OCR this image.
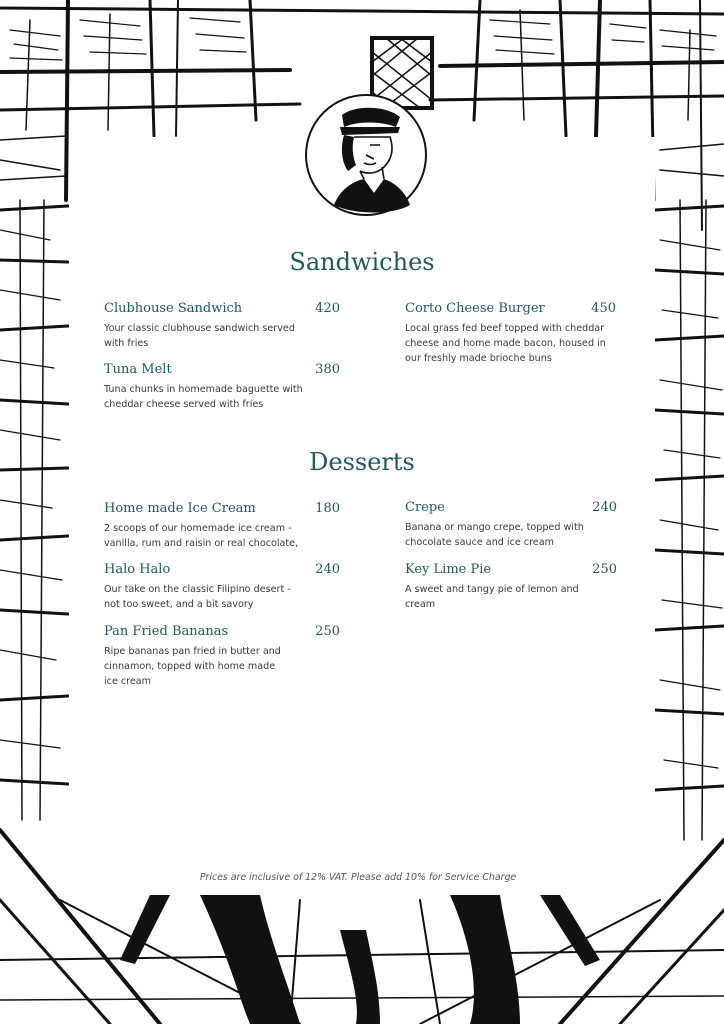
Sandwiches
Clubhouse Sandwich	420
Your classic clubhouse sandwich served with fries
Corto Cheese Burger	450
Local grass fed beef topped with cheddar cheese and home made bacon, housed in our freshly made brioche buns
Tuna Melt	380
Tuna chunks in homemade baguette with cheddar cheese served with fries
Desserts
Home made Ice Cream	180
2 scoops of our homemade ice cream - vanilla, rum and raisin or real chocolate,
Crepe	240
Banana or mango crepe, topped with chocolate sauce and ice cream
Halo Halo	240
Our take on the classic Filipino desert - not too sweet, and a bit savory
Key Lime Pie	250
A sweet and tangy pie of lemon and cream
Pan Fried Bananas	250
Ripe bananas pan fried in butter and cinnamon, topped with home made ice cream
Prices are inclusive of 12% VAT. Please add 10% for Service Charge
